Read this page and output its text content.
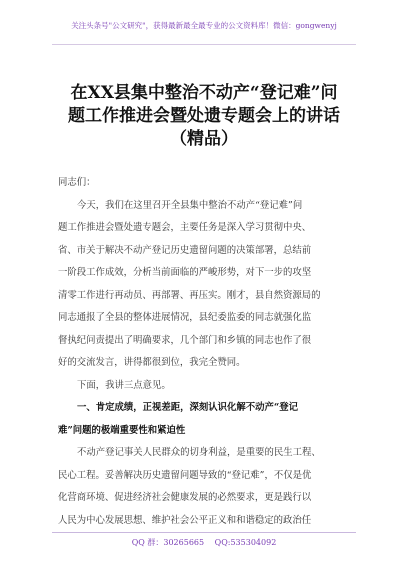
关注头条号"公文研究"，获得最新最全最专业的公文资料库！微信：gongwenyj
在XX县集中整治不动产“登记难”问
题工作推进会暨处遗专题会上的讲话
（精品）
同志们：
今天，我们在这里召开全县集中整治不动产“登记难”问
题工作推进会暨处遗专题会，主要任务是深入学习贯彻中央、
省、市关于解决不动产登记历史遗留问题的决策部署，总结前
一阶段工作成效，分析当前面临的严峻形势，对下一步的攻坚
清零工作进行再动员、再部署、再压实。刚才，县自然资源局的
同志通报了全县的整体进展情况，县纪委监委的同志就强化监
督执纪问责提出了明确要求，几个部门和乡镇的同志也作了很
好的交流发言，讲得都很到位，我完全赞同。
下面，我讲三点意见。
一、肯定成绩，正视差距，深刻认识化解不动产“登记
难”问题的极端重要性和紧迫性
不动产登记事关人民群众的切身利益，是重要的民生工程、
民心工程。妥善解决历史遗留问题导致的“登记难”，不仅是优
化营商环境、促进经济社会健康发展的必然要求，更是践行以
人民为中心发展思想、维护社会公平正义和和谐稳定的政治任
QQ 群：30265665 QQ:535304092
